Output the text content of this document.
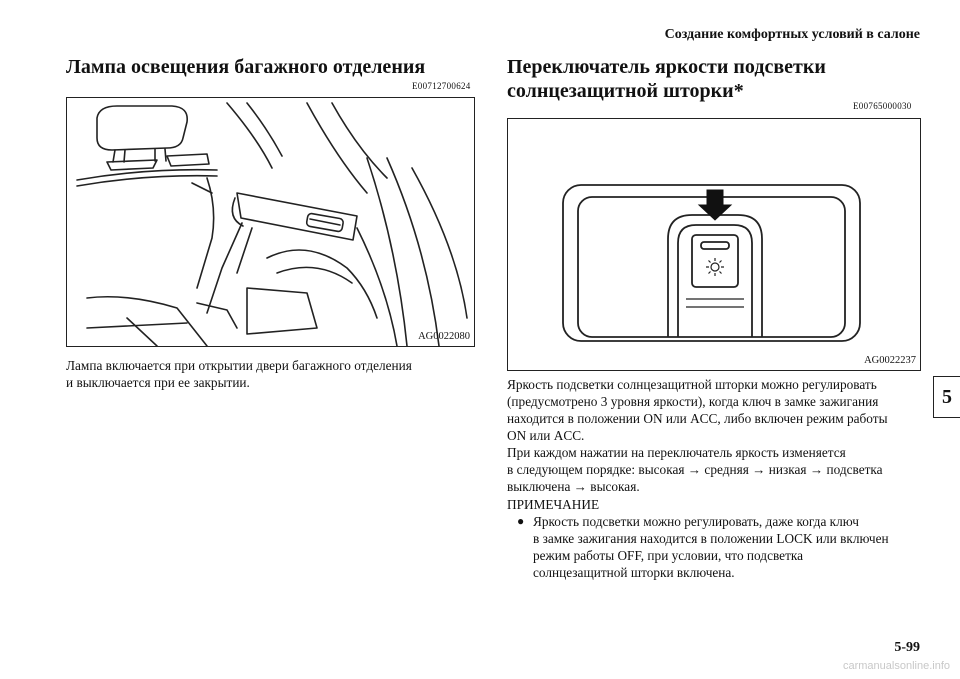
Создание комфортных условий в салоне
Лампа освещения багажного отделения
E00712700624
AG0022080
Лампа включается при открытии двери багажного отделения
и выключается при ее закрытии.
Переключатель яркости подсветки
солнцезащитной шторки*
E00765000030
AG0022237
Яркость подсветки солнцезащитной шторки можно регулировать
(предусмотрено 3 уровня яркости), когда ключ в замке зажигания
находится в положении ON или ACC, либо включен режим работы
ON или ACC.
При каждом нажатии на переключатель яркость изменяется
в следующем порядке: высокая → средняя → низкая → подсветка
выключена → высокая.
ПРИМЕЧАНИЕ
● Яркость подсветки можно регулировать, даже когда ключ
в замке зажигания находится в положении LOCK или включен
режим работы OFF, при условии, что подсветка
солнцезащитной шторки включена.
5
5-99
carmanualsonline.info
